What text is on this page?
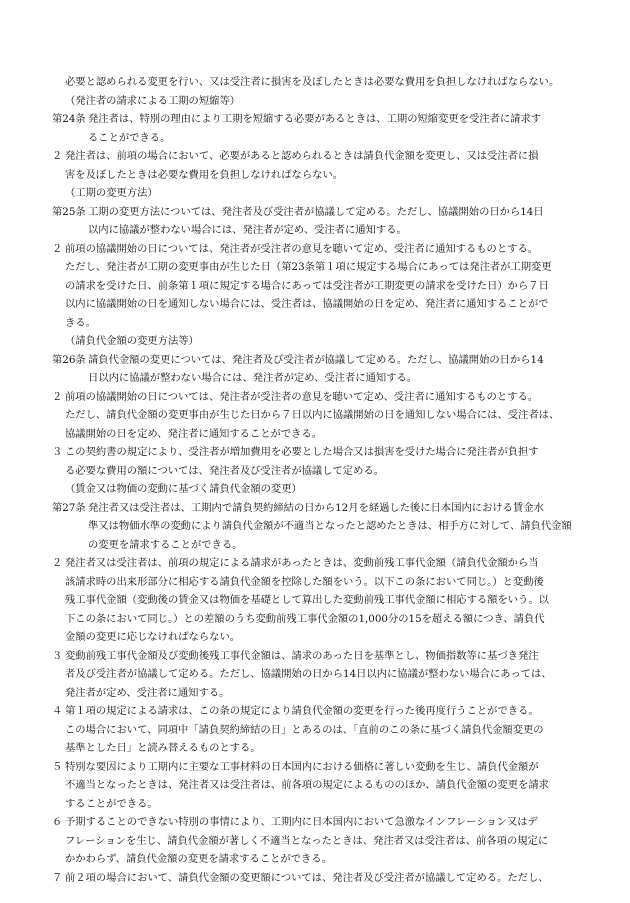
必要と認められる変更を行い、又は受注者に損害を及ぼしたときは必要な費用を負担しなければならない。
（発注者の請求による工期の短縮等）
第24条 発注者は、特別の理由により工期を短縮する必要があるときは、工期の短縮変更を受注者に請求す
ることができる。
２ 発注者は、前項の場合において、必要があると認められるときは請負代金額を変更し、又は受注者に損
害を及ぼしたときは必要な費用を負担しなければならない。
（工期の変更方法）
第25条 工期の変更方法については、発注者及び受注者が協議して定める。ただし、協議開始の日から14日
以内に協議が整わない場合には、発注者が定め、受注者に通知する。
２ 前項の協議開始の日については、発注者が受注者の意見を聴いて定め、受注者に通知するものとする。
ただし、発注者が工期の変更事由が生じた日（第23条第１項に規定する場合にあっては発注者が工期変更
の請求を受けた日、前条第１項に規定する場合にあっては受注者が工期変更の請求を受けた日）から７日
以内に協議開始の日を通知しない場合には、受注者は、協議開始の日を定め、発注者に通知することがで
きる。
（請負代金額の変更方法等）
第26条 請負代金額の変更については、発注者及び受注者が協議して定める。ただし、協議開始の日から14
日以内に協議が整わない場合には、発注者が定め、受注者に通知する。
２ 前項の協議開始の日については、発注者が受注者の意見を聴いて定め、受注者に通知するものとする。
ただし、請負代金額の変更事由が生じた日から７日以内に協議開始の日を通知しない場合には、受注者は、
協議開始の日を定め、発注者に通知することができる。
３ この契約書の規定により、受注者が増加費用を必要とした場合又は損害を受けた場合に発注者が負担す
る必要な費用の額については、発注者及び受注者が協議して定める。
（賃金又は物価の変動に基づく請負代金額の変更）
第27条 発注者又は受注者は、工期内で請負契約締結の日から12月を経過した後に日本国内における賃金水
準又は物価水準の変動により請負代金額が不適当となったと認めたときは、相手方に対して、請負代金額
の変更を請求することができる。
２ 発注者又は受注者は、前項の規定による請求があったときは、変動前残工事代金額（請負代金額から当
該請求時の出来形部分に相応する請負代金額を控除した額をいう。以下この条において同じ。）と変動後
残工事代金額（変動後の賃金又は物価を基礎として算出した変動前残工事代金額に相応する額をいう。以
下この条において同じ。）との差額のうち変動前残工事代金額の1,000分の15を超える額につき、請負代
金額の変更に応じなければならない。
３ 変動前残工事代金額及び変動後残工事代金額は、請求のあった日を基準とし、物価指数等に基づき発注
者及び受注者が協議して定める。ただし、協議開始の日から14日以内に協議が整わない場合にあっては、
発注者が定め、受注者に通知する。
４ 第１項の規定による請求は、この条の規定により請負代金額の変更を行った後再度行うことができる。
この場合において、同項中「請負契約締結の日」とあるのは、「直前のこの条に基づく請負代金額変更の
基準とした日」と読み替えるものとする。
５ 特別な要因により工期内に主要な工事材料の日本国内における価格に著しい変動を生じ、請負代金額が
不適当となったときは、発注者又は受注者は、前各項の規定によるもののほか、請負代金額の変更を請求
することができる。
６ 予期することのできない特別の事情により、工期内に日本国内において急激なインフレーション又はデ
フレーションを生じ、請負代金額が著しく不適当となったときは、発注者又は受注者は、前各項の規定に
かかわらず、請負代金額の変更を請求することができる。
７ 前２項の場合において、請負代金額の変更額については、発注者及び受注者が協議して定める。ただし、
